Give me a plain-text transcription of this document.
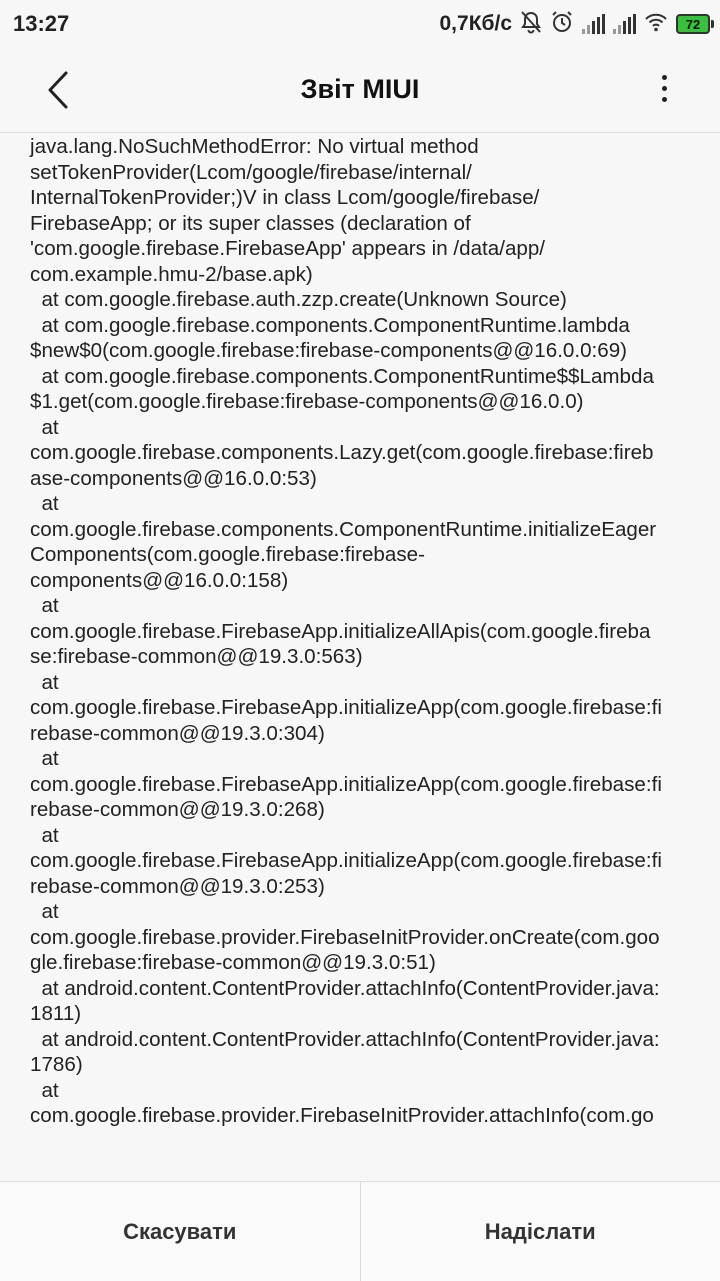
13:27	0,7Кб/с	72
Звіт MIUI
java.lang.NoSuchMethodError: No virtual method
setTokenProvider(Lcom/google/firebase/internal/
InternalTokenProvider;)V in class Lcom/google/firebase/
FirebaseApp; or its super classes (declaration of
'com.google.firebase.FirebaseApp' appears in /data/app/
com.example.hmu-2/base.apk)
at com.google.firebase.auth.zzp.create(Unknown Source)
at com.google.firebase.components.ComponentRuntime.lambda
$new$0(com.google.firebase:firebase-components@@16.0.0:69)
at com.google.firebase.components.ComponentRuntime$$Lambda
$1.get(com.google.firebase:firebase-components@@16.0.0)
at
com.google.firebase.components.Lazy.get(com.google.firebase:fireb
ase-components@@16.0.0:53)
at
com.google.firebase.components.ComponentRuntime.initializeEager
Components(com.google.firebase:firebase-
components@@16.0.0:158)
at
com.google.firebase.FirebaseApp.initializeAllApis(com.google.fireba
se:firebase-common@@19.3.0:563)
at
com.google.firebase.FirebaseApp.initializeApp(com.google.firebase:fi
rebase-common@@19.3.0:304)
at
com.google.firebase.FirebaseApp.initializeApp(com.google.firebase:fi
rebase-common@@19.3.0:268)
at
com.google.firebase.FirebaseApp.initializeApp(com.google.firebase:fi
rebase-common@@19.3.0:253)
at
com.google.firebase.provider.FirebaseInitProvider.onCreate(com.goo
gle.firebase:firebase-common@@19.3.0:51)
at android.content.ContentProvider.attachInfo(ContentProvider.java:
1811)
at android.content.ContentProvider.attachInfo(ContentProvider.java:
1786)
at
com.google.firebase.provider.FirebaseInitProvider.attachInfo(com.go
Скасувати	Надіслати
